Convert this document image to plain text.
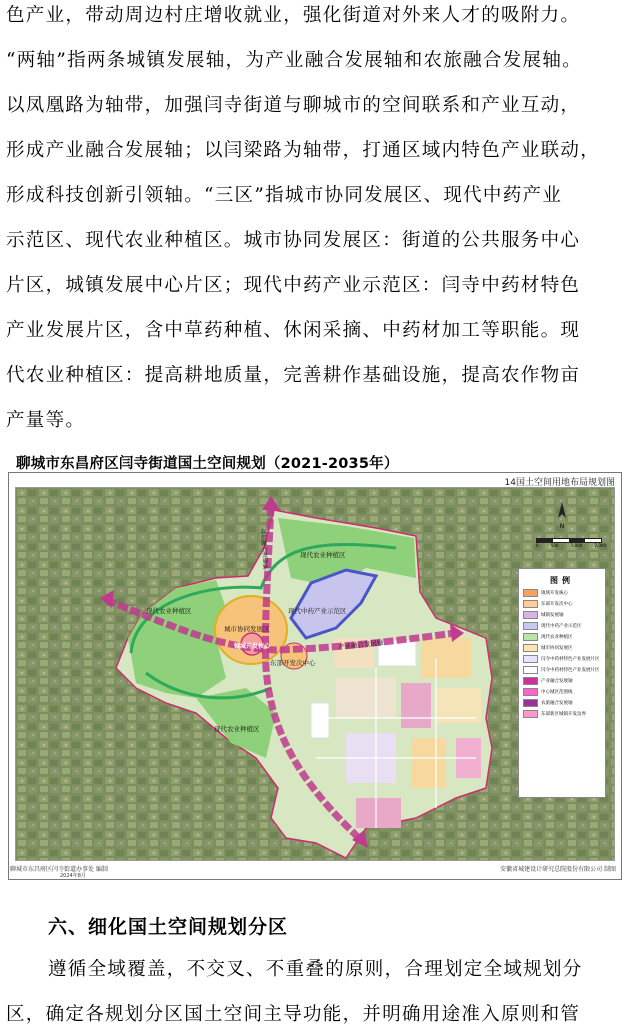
色产业，带动周边村庄增收就业，强化街道对外来人才的吸附力。
“两轴”指两条城镇发展轴，为产业融合发展轴和农旅融合发展轴。
以凤凰路为轴带，加强闫寺街道与聊城市的空间联系和产业互动，
形成产业融合发展轴；以闫梁路为轴带，打通区域内特色产业联动，
形成科技创新引领轴。“三区”指城市协同发展区、现代中药产业
示范区、现代农业种植区。城市协同发展区：街道的公共服务中心
片区，城镇发展中心片区；现代中药产业示范区：闫寺中药材特色
产业发展片区，含中草药种植、休闲采摘、中药材加工等职能。现
代农业种植区：提高耕地质量，完善耕作基础设施，提高农作物亩
产量等。
聊城市东昌府区闫寺街道国土空间规划（2021-2035年）
14国土空间用地布局规划图
现代农业种植区
现代农业种植区
现代农业种植区
现代中药产业示范区
城市协同发展区
镇域开发核心
东部开发次中心
农旅融合发展轴
产业融合发展轴
N
0	500	1,000	2,000
图例
镇域开发核心
东部开发次中心
城镇发展轴
现代中药产业示范区
现代农业种植区
城市协同发展区
闫寺中药材特色产业发展片区
闫寺中药材特色产业发展片区
产业融合发展轴
中心城区范围线
农旅融合发展轴
东部新区城镇开发边界
聊城市东昌府区闫寺街道办事处 编制
2024年8月
安徽省城建设计研究总院股份有限公司 制图
六、细化国土空间规划分区
遵循全域覆盖，不交叉、不重叠的原则，合理划定全域规划分
区，确定各规划分区国土空间主导功能，并明确用途准入原则和管
